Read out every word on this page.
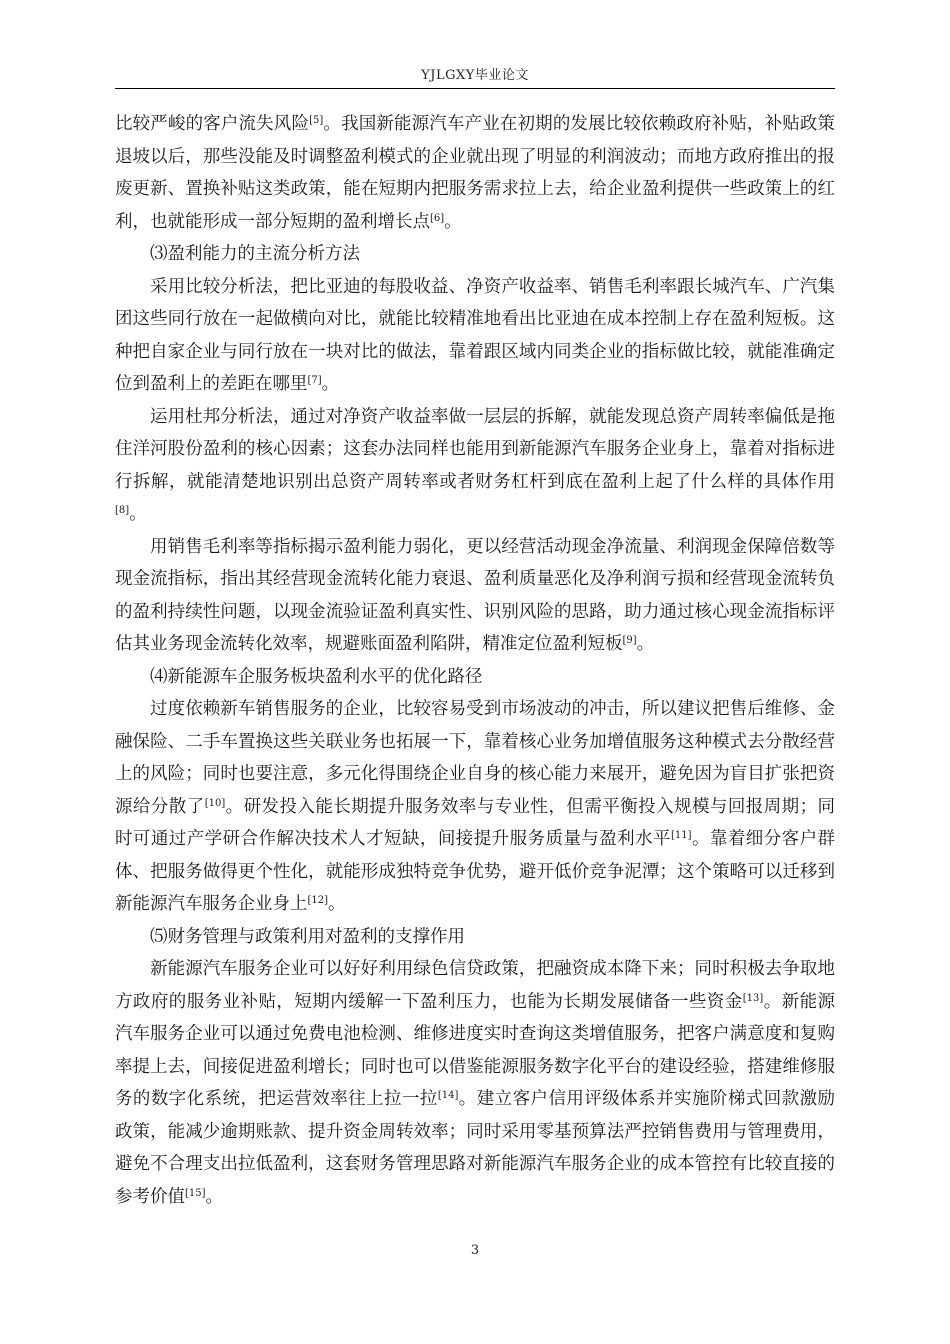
YJLGXY毕业论文

比较严峻的客户流失风险[5]。我国新能源汽车产业在初期的发展比较依赖政府补贴，补贴政策退坡以后，那些没能及时调整盈利模式的企业就出现了明显的利润波动；而地方政府推出的报废更新、置换补贴这类政策，能在短期内把服务需求拉上去，给企业盈利提供一些政策上的红利，也就能形成一部分短期的盈利增长点[6]。

⑶盈利能力的主流分析方法

采用比较分析法，把比亚迪的每股收益、净资产收益率、销售毛利率跟长城汽车、广汽集团这些同行放在一起做横向对比，就能比较精准地看出比亚迪在成本控制上存在盈利短板。这种把自家企业与同行放在一块对比的做法，靠着跟区域内同类企业的指标做比较，就能准确定位到盈利上的差距在哪里[7]。

运用杜邦分析法，通过对净资产收益率做一层层的拆解，就能发现总资产周转率偏低是拖住洋河股份盈利的核心因素；这套办法同样也能用到新能源汽车服务企业身上，靠着对指标进行拆解，就能清楚地识别出总资产周转率或者财务杠杆到底在盈利上起了什么样的具体作用[8]。

用销售毛利率等指标揭示盈利能力弱化，更以经营活动现金净流量、利润现金保障倍数等现金流指标，指出其经营现金流转化能力衰退、盈利质量恶化及净利润亏损和经营现金流转负的盈利持续性问题，以现金流验证盈利真实性、识别风险的思路，助力通过核心现金流指标评估其业务现金流转化效率，规避账面盈利陷阱，精准定位盈利短板[9]。

⑷新能源车企服务板块盈利水平的优化路径

过度依赖新车销售服务的企业，比较容易受到市场波动的冲击，所以建议把售后维修、金融保险、二手车置换这些关联业务也拓展一下，靠着核心业务加增值服务这种模式去分散经营上的风险；同时也要注意，多元化得围绕企业自身的核心能力来展开，避免因为盲目扩张把资源给分散了[10]。研发投入能长期提升服务效率与专业性，但需平衡投入规模与回报周期；同时可通过产学研合作解决技术人才短缺，间接提升服务质量与盈利水平[11]。靠着细分客户群体、把服务做得更个性化，就能形成独特竞争优势，避开低价竞争泥潭；这个策略可以迁移到新能源汽车服务企业身上[12]。

⑸财务管理与政策利用对盈利的支撑作用

新能源汽车服务企业可以好好利用绿色信贷政策，把融资成本降下来；同时积极去争取地方政府的服务业补贴，短期内缓解一下盈利压力，也能为长期发展储备一些资金[13]。新能源汽车服务企业可以通过免费电池检测、维修进度实时查询这类增值服务，把客户满意度和复购率提上去，间接促进盈利增长；同时也可以借鉴能源服务数字化平台的建设经验，搭建维修服务的数字化系统，把运营效率往上拉一拉[14]。建立客户信用评级体系并实施阶梯式回款激励政策，能减少逾期账款、提升资金周转效率；同时采用零基预算法严控销售费用与管理费用，避免不合理支出拉低盈利，这套财务管理思路对新能源汽车服务企业的成本管控有比较直接的参考价值[15]。

3
